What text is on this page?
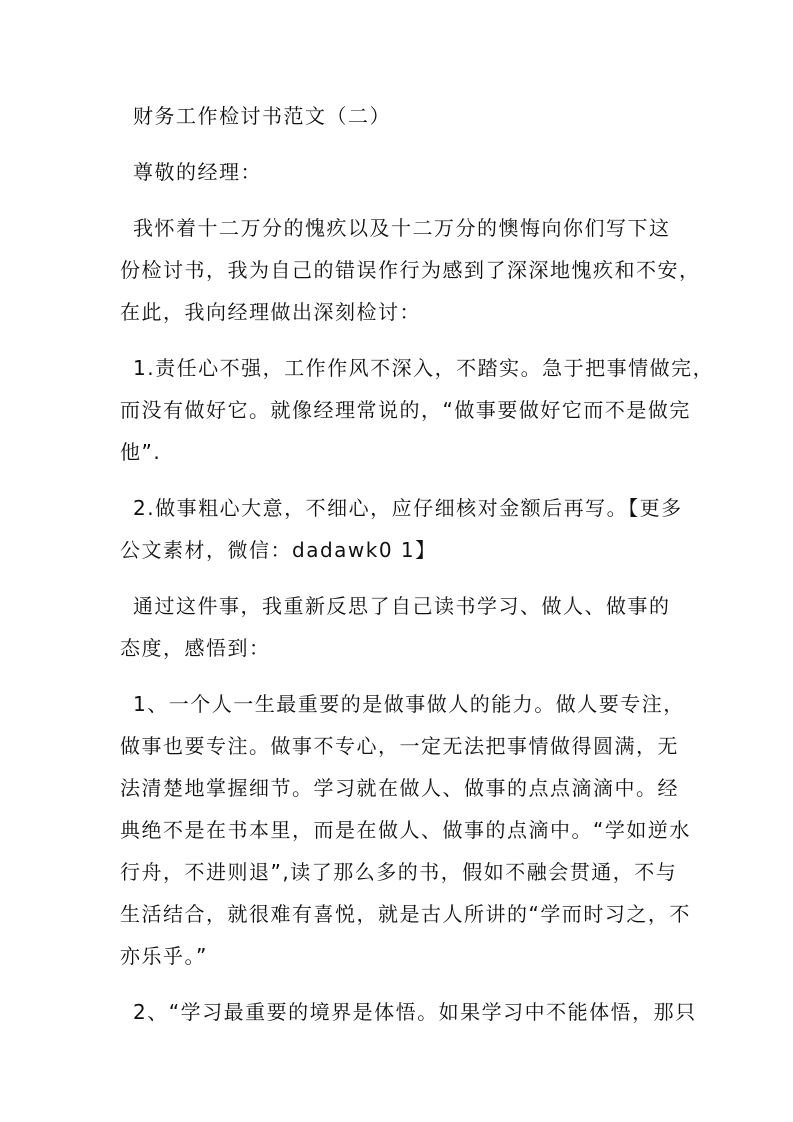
财务工作检讨书范文（二）
尊敬的经理：
我怀着十二万分的愧疚以及十二万分的懊悔向你们写下这
份检讨书，我为自己的错误作行为感到了深深地愧疚和不安，
在此，我向经理做出深刻检讨：
1.责任心不强，工作作风不深入，不踏实。急于把事情做完，
而没有做好它。就像经理常说的，“做事要做好它而不是做完
他”.
2.做事粗心大意，不细心，应仔细核对金额后再写。【更多
公文素材，微信：dadawk0 1】
通过这件事，我重新反思了自己读书学习、做人、做事的
态度，感悟到：
1、一个人一生最重要的是做事做人的能力。做人要专注，
做事也要专注。做事不专心，一定无法把事情做得圆满，无
法清楚地掌握细节。学习就在做人、做事的点点滴滴中。经
典绝不是在书本里，而是在做人、做事的点滴中。“学如逆水
行舟，不进则退”,读了那么多的书，假如不融会贯通，不与
生活结合，就很难有喜悦，就是古人所讲的“学而时习之，不
亦乐乎。”
2、“学习最重要的境界是体悟。如果学习中不能体悟，那只
